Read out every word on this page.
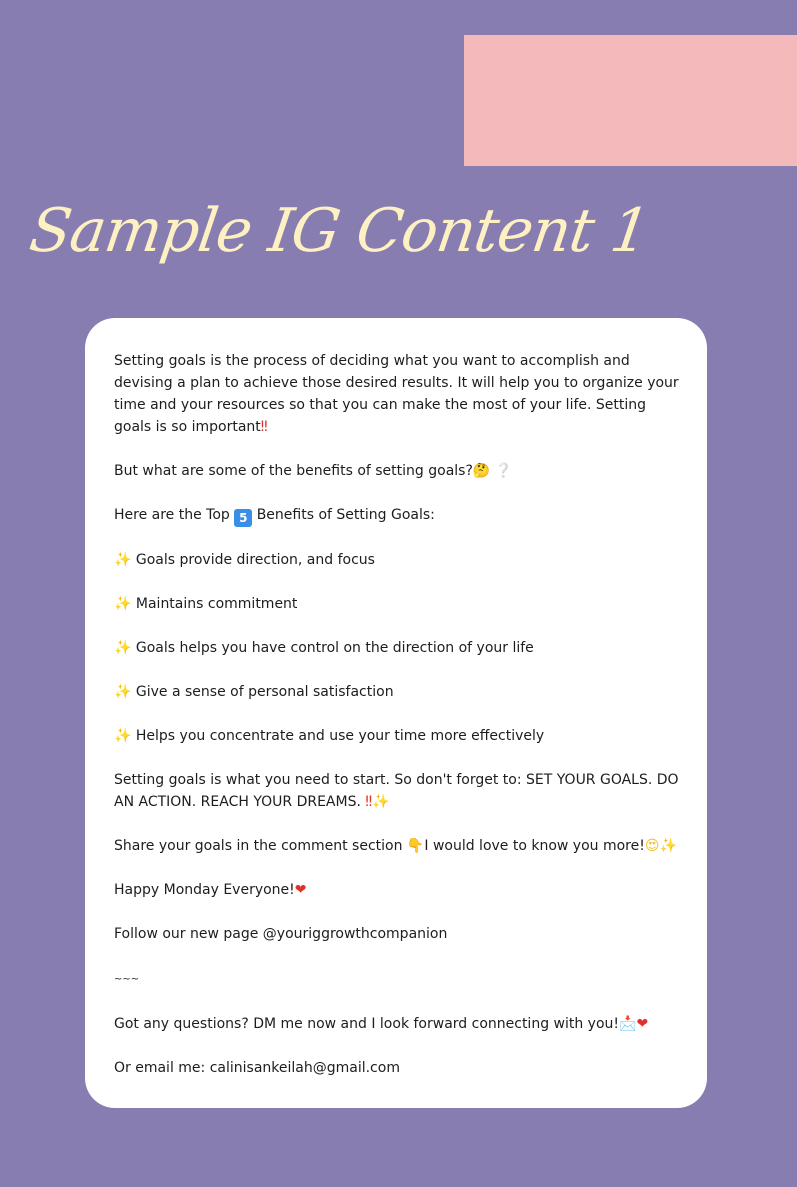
Sample IG Content 1

Setting goals is the process of deciding what you want to accomplish and devising a plan to achieve those desired results. It will help you to organize your time and your resources so that you can make the most of your life. Setting goals is so important‼

But what are some of the benefits of setting goals?🤔 ❔

Here are the Top 5 Benefits of Setting Goals:

✨ Goals provide direction, and focus

✨ Maintains commitment

✨ Goals helps you have control on the direction of your life

✨ Give a sense of personal satisfaction

✨ Helps you concentrate and use your time more effectively

Setting goals is what you need to start. So don't forget to: SET YOUR GOALS. DO AN ACTION. REACH YOUR DREAMS. ‼✨

Share your goals in the comment section 👇I would love to know you more!😍✨

Happy Monday Everyone!❤

Follow our new page @youriggrowthcompanion

~~~

Got any questions? DM me now and I look forward connecting with you!📩❤

Or email me: calinisankeilah@gmail.com
